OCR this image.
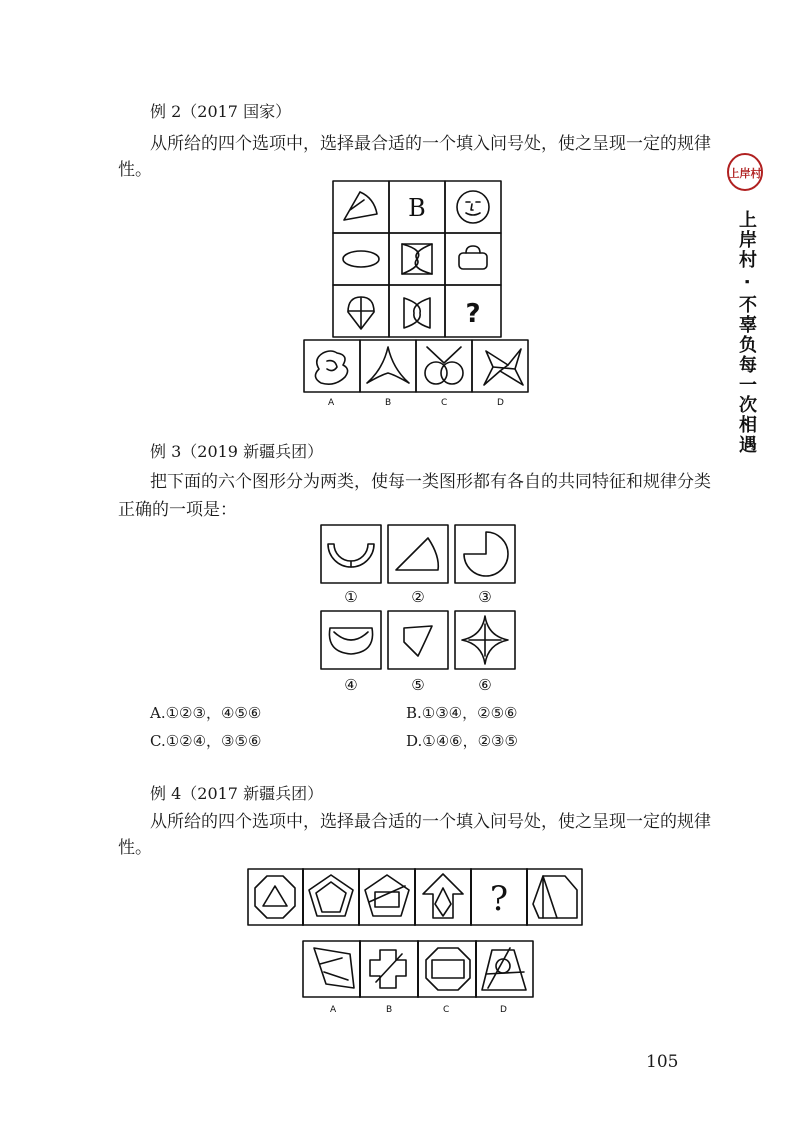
上岸村
上岸村 · 不辜负每一次相遇
例 2（2017 国家）
从所给的四个选项中，选择最合适的一个填入问号处，使之呈现一定的规律
性。
B
?
A	B	C	D
例 3（2019 新疆兵团）
把下面的六个图形分为两类，使每一类图形都有各自的共同特征和规律分类
正确的一项是：
①	②	③
④	⑤	⑥
A.①②③，④⑤⑥	B.①③④，②⑤⑥
C.①②④，③⑤⑥	D.①④⑥，②③⑤
例 4（2017 新疆兵团）
从所给的四个选项中，选择最合适的一个填入问号处，使之呈现一定的规律
性。
?
A	B	C	D
105
